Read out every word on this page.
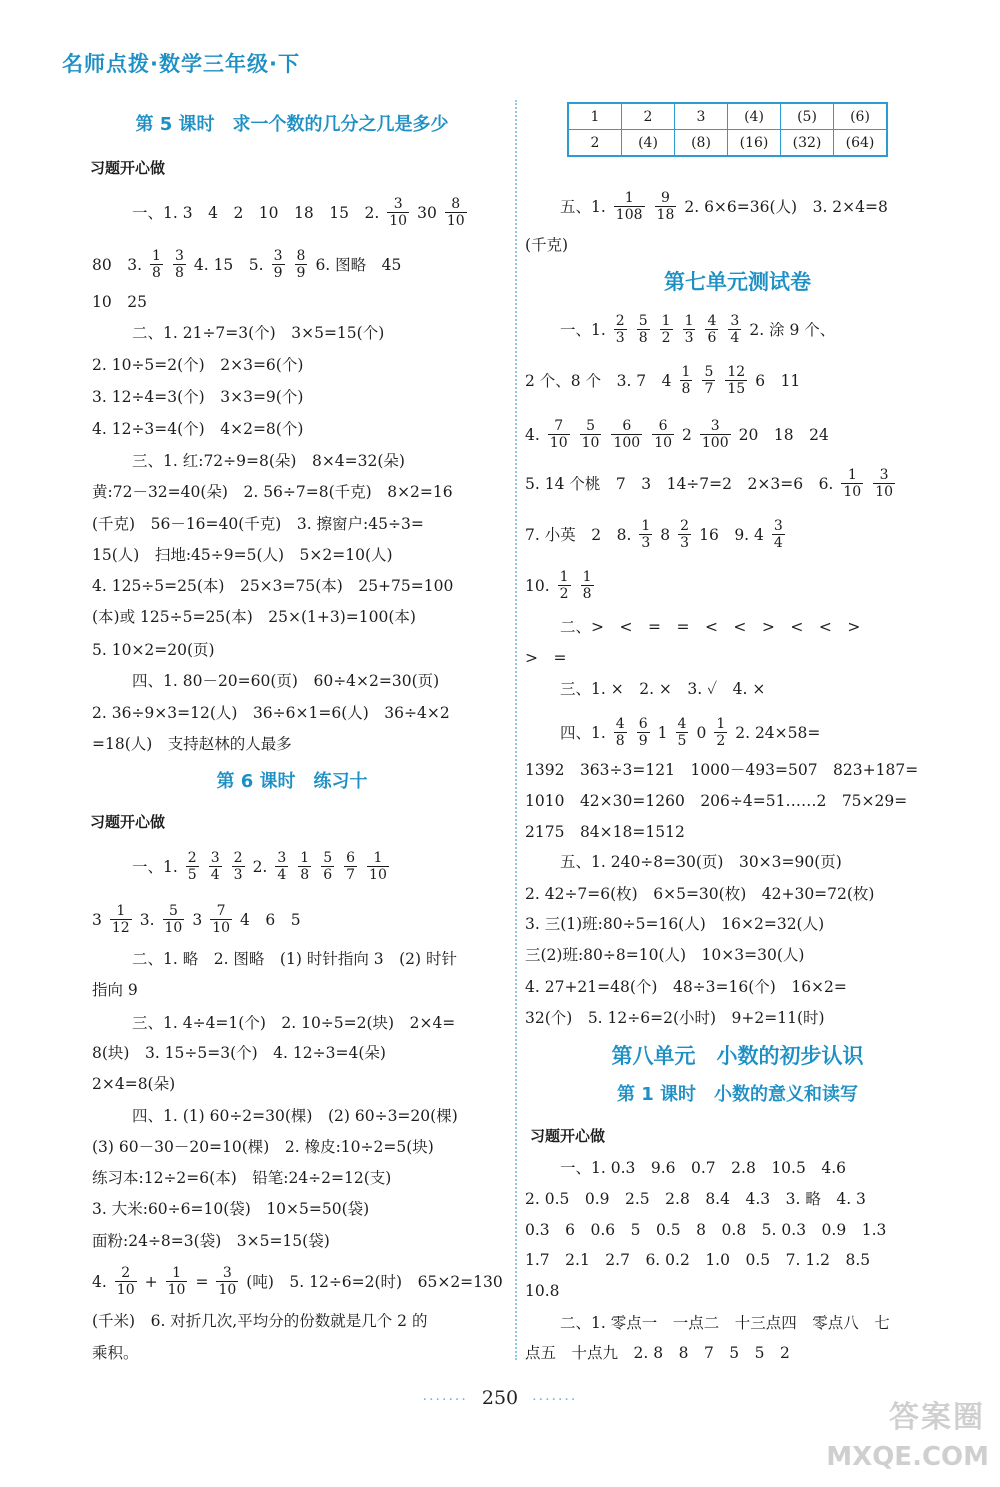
名师点拨·数学三年级·下
第 5 课时　求一个数的几分之几是多少
习题开心做
一、1. 3　4　2　10　18　15　2. $\frac{3}{10} 30 \frac{8}{10}$
80　3. $\frac{1}{8} \frac{3}{8} 4$. 15　5. $\frac{3}{9} \frac{8}{9} 6$. 图略　45
10　25
二、1. 21÷7=3(个)　3×5=15(个)
2. 10÷5=2(个)　2×3=6(个)
3. 12÷4=3(个)　3×3=9(个)
4. 12÷3=4(个)　4×2=8(个)
三、1. 红:72÷9=8(朵)　8×4=32(朵)
黄:72－32=40(朵)　2. 56÷7=8(千克)　8×2=16
(千克)　56－16=40(千克)　3. 擦窗户:45÷3=
15(人)　扫地:45÷9=5(人)　5×2=10(人)
4. 125÷5=25(本)　25×3=75(本)　25+75=100
(本)或 125÷5=25(本)　25×(1+3)=100(本)
5. 10×2=20(页)
四、1. 80－20=60(页)　60÷4×2=30(页)
2. 36÷9×3=12(人)　36÷6×1=6(人)　36÷4×2
=18(人)　支持赵林的人最多
第 6 课时　练习十
习题开心做
一、1. $\frac{2}{5} \frac{3}{4} \frac{2}{3} 2$. $\frac{3}{4} \frac{1}{8} \frac{5}{6} \frac{6}{7} \frac{1}{10}$
$3 \frac{1}{12} 3$. $\frac{5}{10} 3 \frac{7}{10} 4$　6　5
二、1. 略　2. 图略　(1) 时针指向 3　(2) 时针
指向 9
三、1. 4÷4=1(个)　2. 10÷5=2(块)　2×4=
8(块)　3. 15÷5=3(个)　4. 12÷3=4(朵)
2×4=8(朵)
四、1. (1) 60÷2=30(棵)　(2) 60÷3=20(棵)
(3) 60－30－20=10(棵)　2. 橡皮:10÷2=5(块)
练习本:12÷2=6(本)　铅笔:24÷2=12(支)
3. 大米:60÷6=10(袋)　10×5=50(袋)
面粉:24÷8=3(袋)　3×5=15(袋)
4. $\frac{2}{10} + \frac{1}{10} = \frac{3}{10}$ (吨)　5. 12÷6=2(时)　65×2=130
(千米)　6. 对折几次,平均分的份数就是几个 2 的
乘积。
1	2	3	(4)	(5)	(6)
2	(4)	(8)	(16)	(32)	(64)
五、1. $\frac{1}{108} \frac{9}{18} 2$. 6×6=36(人)　3. 2×4=8
(千克)
第七单元测试卷
一、1. $\frac{2}{3} \frac{5}{8} \frac{1}{2} \frac{1}{3} \frac{4}{6} \frac{3}{4} 2$. 涂 9 个、
2 个、8 个　3. 7　$4 \frac{1}{8} \frac{5}{7} \frac{12}{15} 6$　11
4. $\frac{7}{10} \frac{5}{10} \frac{6}{100} \frac{6}{10} 2 \frac{3}{100} 20$　18　24
5. 14 个桃　7　3　14÷7=2　2×3=6　6. $\frac{1}{10} \frac{3}{10}$
7. 小英　2　8. $\frac{1}{3} 8 \frac{2}{3} 16$　9. $4 \frac{3}{4}$
10. $\frac{1}{2} \frac{1}{8}$
二、>　<　=　=　<　<　>　<　<　>
>　=
三、1. ×　2. ×　3. ✓　4. ×
四、1. $\frac{4}{8} \frac{6}{9} 1 \frac{4}{5} 0 \frac{1}{2} 2$. 24×58=
1392　363÷3=121　1000－493=507　823+187=
1010　42×30=1260　206÷4=51……2　75×29=
2175　84×18=1512
五、1. 240÷8=30(页)　30×3=90(页)
2. 42÷7=6(枚)　6×5=30(枚)　42+30=72(枚)
3. 三(1)班:80÷5=16(人)　16×2=32(人)
三(2)班:80÷8=10(人)　10×3=30(人)
4. 27+21=48(个)　48÷3=16(个)　16×2=
32(个)　5. 12÷6=2(小时)　9+2=11(时)
第八单元　小数的初步认识
第 1 课时　小数的意义和读写
习题开心做
一、1. 0.3　9.6　0.7　2.8　10.5　4.6
2. 0.5　0.9　2.5　2.8　8.4　4.3　3. 略　4. 3
0.3　6　0.6　5　0.5　8　0.8　5. 0.3　0.9　1.3
1.7　2.1　2.7　6. 0.2　1.0　0.5　7. 1.2　8.5
10.8
二、1. 零点一　一点二　十三点四　零点八　七
点五　十点九　2. 8　8　7　5　5　2
······· 250 ·······	答案圈
MXQE.COM
